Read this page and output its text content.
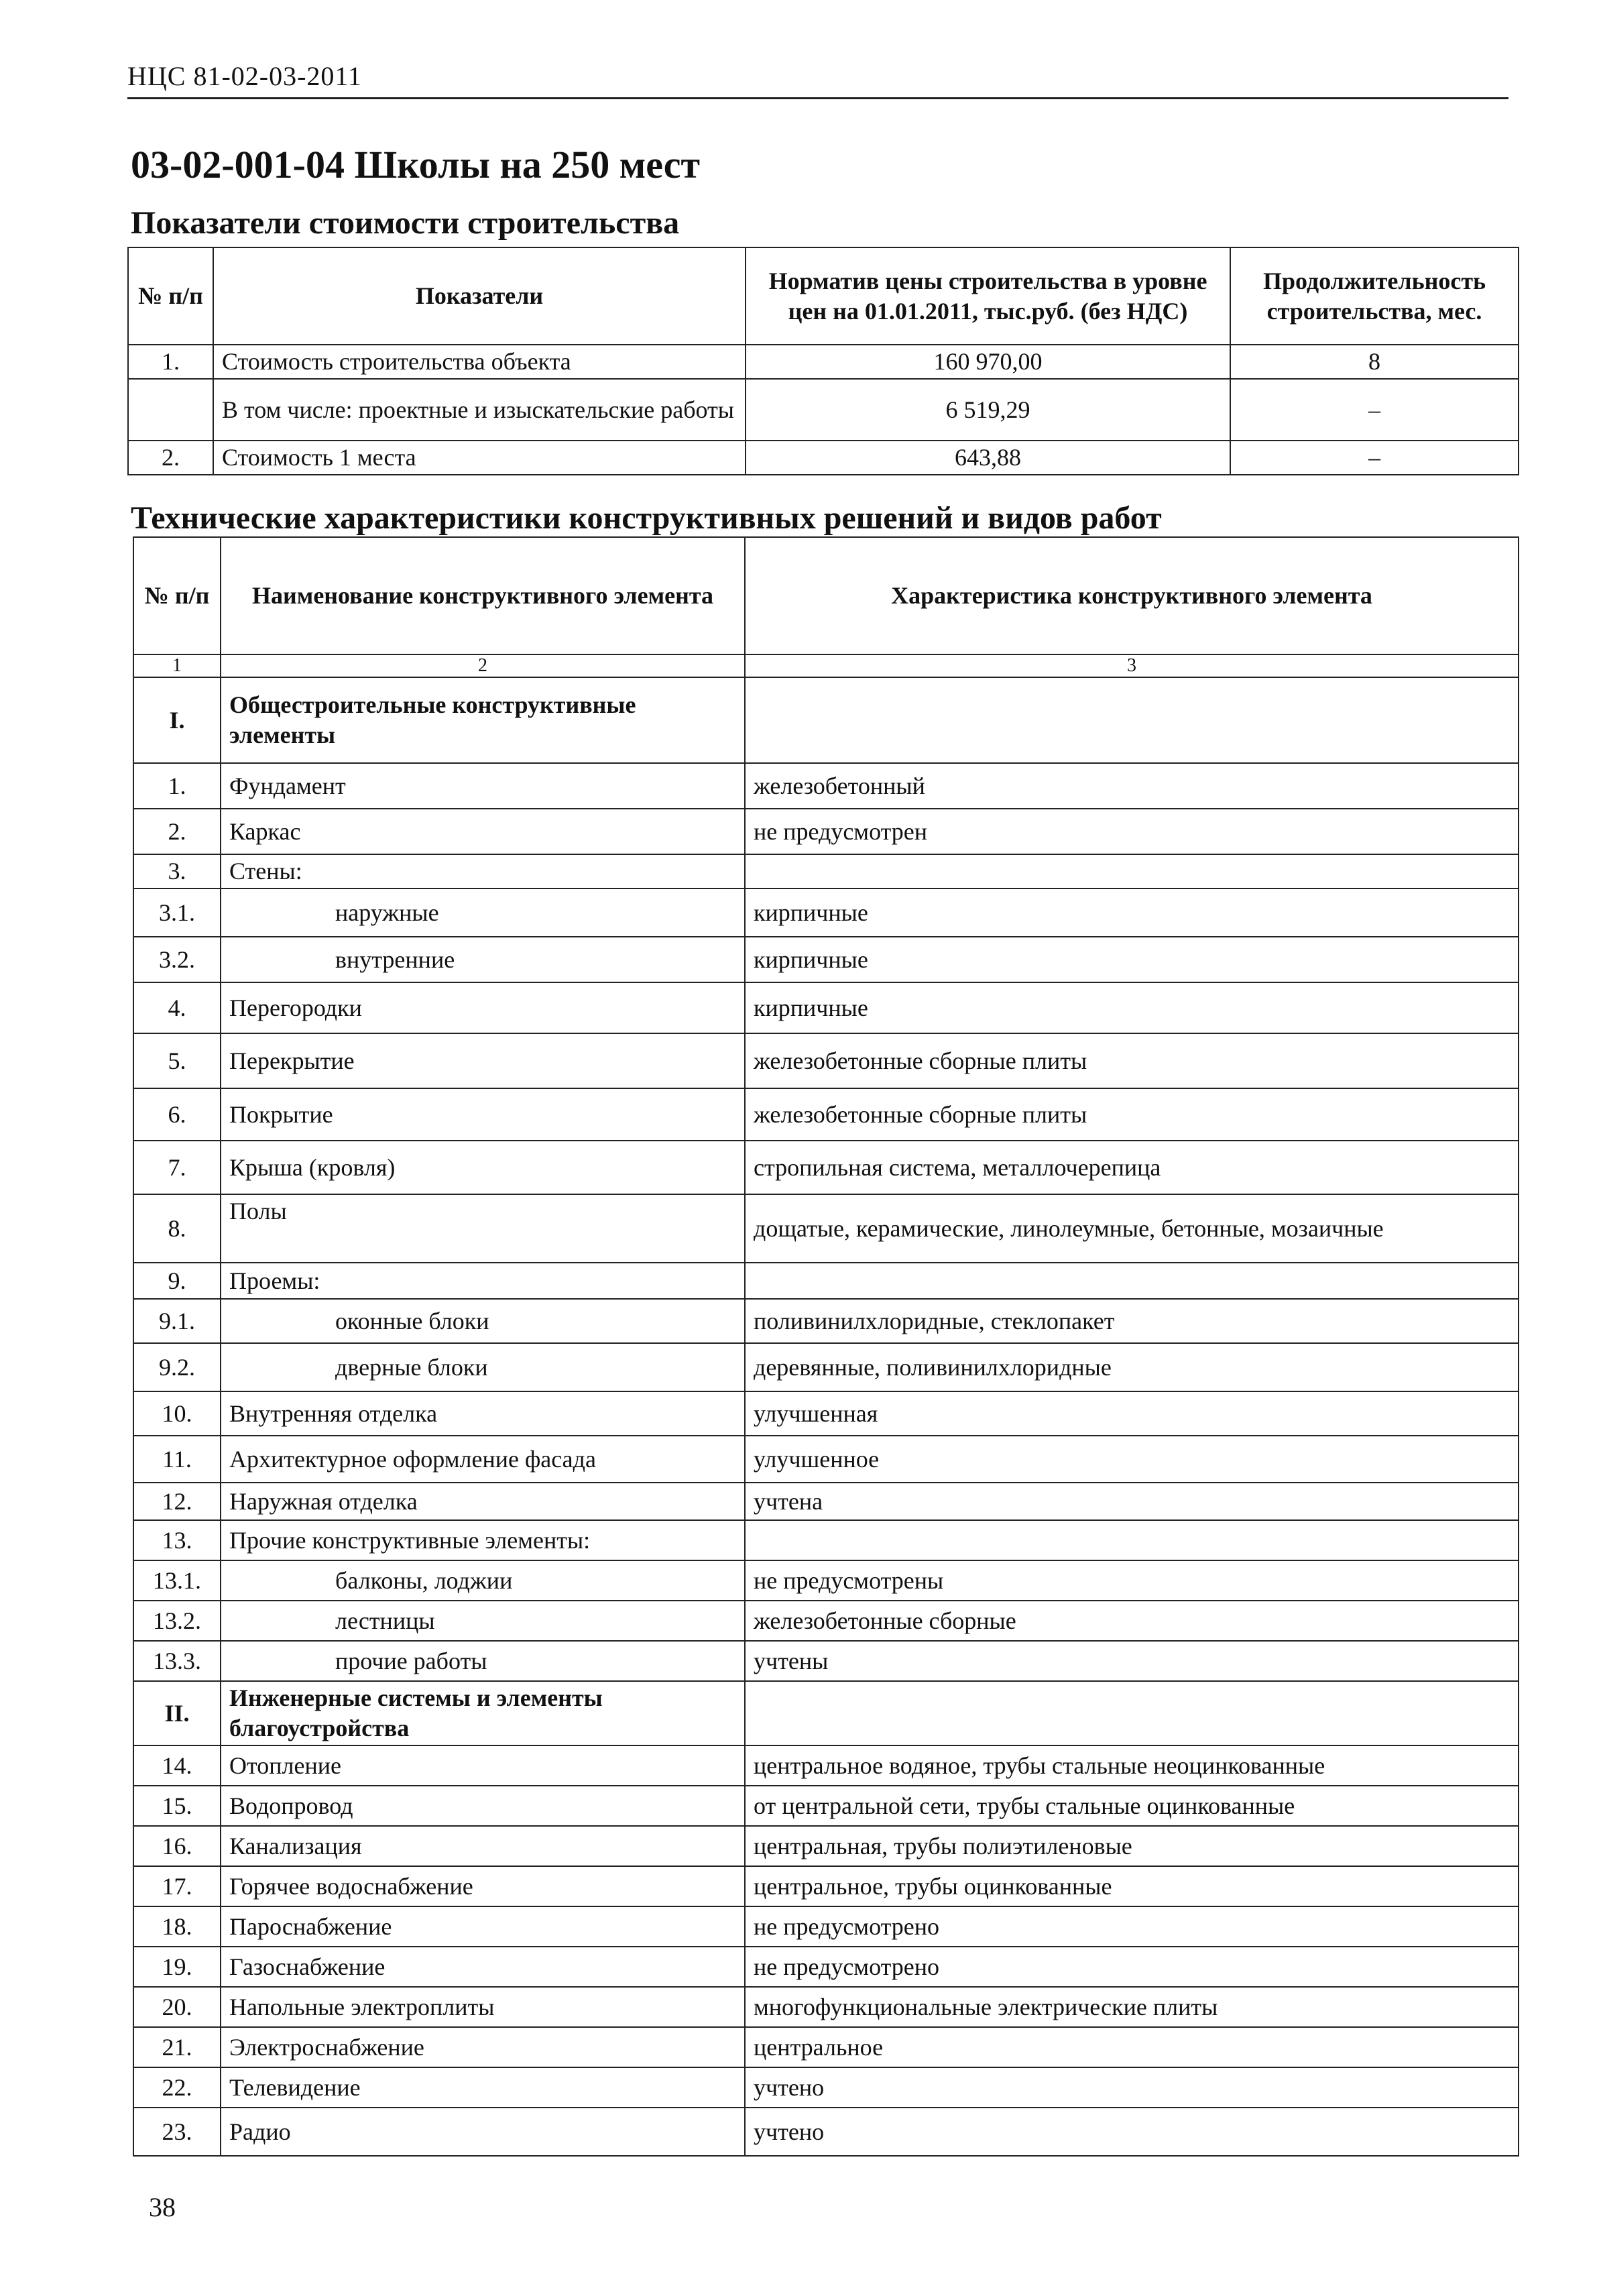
НЦС 81-02-03-2011
03-02-001-04 Школы на 250 мест
Показатели стоимости строительства
№ п/п	Показатели	Норматив цены строительства в уровне цен на 01.01.2011, тыс.руб. (без НДС)	Продолжительность строительства, мес.
1.	Стоимость строительства объекта	160 970,00	8
	В том числе: проектные и изыскательские работы	6 519,29	–
2.	Стоимость 1 места	643,88	–
Технические характеристики конструктивных решений и видов работ
№ п/п	Наименование конструктивного элемента	Характеристика конструктивного элемента
1	2	3
I.	Общестроительные конструктивные элементы	
1.	Фундамент	железобетонный
2.	Каркас	не предусмотрен
3.	Стены:	
3.1.	наружные	кирпичные
3.2.	внутренние	кирпичные
4.	Перегородки	кирпичные
5.	Перекрытие	железобетонные сборные плиты
6.	Покрытие	железобетонные сборные плиты
7.	Крыша (кровля)	стропильная система, металлочерепица
8.	Полы	дощатые, керамические, линолеумные, бетонные, мозаичные
9.	Проемы:	
9.1.	оконные блоки	поливинилхлоридные, стеклопакет
9.2.	дверные блоки	деревянные, поливинилхлоридные
10.	Внутренняя отделка	улучшенная
11.	Архитектурное оформление фасада	улучшенное
12.	Наружная отделка	учтена
13.	Прочие конструктивные элементы:	
13.1.	балконы, лоджии	не предусмотрены
13.2.	лестницы	железобетонные сборные
13.3.	прочие работы	учтены
II.	Инженерные системы и элементы благоустройства	
14.	Отопление	центральное водяное, трубы стальные неоцинкованные
15.	Водопровод	от центральной сети, трубы стальные оцинкованные
16.	Канализация	центральная, трубы полиэтиленовые
17.	Горячее водоснабжение	центральное, трубы оцинкованные
18.	Пароснабжение	не предусмотрено
19.	Газоснабжение	не предусмотрено
20.	Напольные электроплиты	многофункциональные электрические плиты
21.	Электроснабжение	центральное
22.	Телевидение	учтено
23.	Радио	учтено
38
